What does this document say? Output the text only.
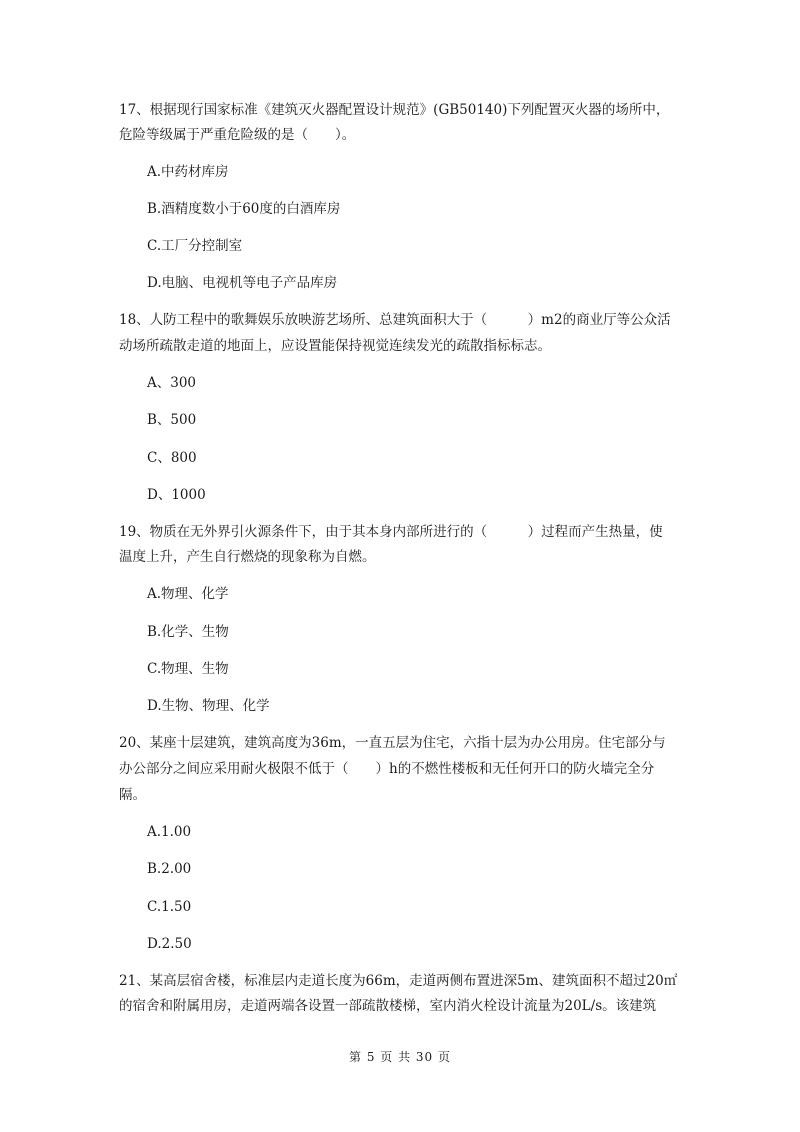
17、根据现行国家标准《建筑灭火器配置设计规范》(GB50140)下列配置灭火器的场所中，
危险等级属于严重危险级的是（　　）。
A.中药材库房
B.酒精度数小于60度的白酒库房
C.工厂分控制室
D.电脑、电视机等电子产品库房
18、人防工程中的歌舞娱乐放映游艺场所、总建筑面积大于（　　　）m2的商业厅等公众活
动场所疏散走道的地面上，应设置能保持视觉连续发光的疏散指标标志。
A、300
B、500
C、800
D、1000
19、物质在无外界引火源条件下，由于其本身内部所进行的（　　　）过程而产生热量，使
温度上升，产生自行燃烧的现象称为自燃。
A.物理、化学
B.化学、生物
C.物理、生物
D.生物、物理、化学
20、某座十层建筑，建筑高度为36m，一直五层为住宅，六指十层为办公用房。住宅部分与
办公部分之间应采用耐火极限不低于（　　）h的不燃性楼板和无任何开口的防火墙完全分
隔。
A.1.00
B.2.00
C.1.50
D.2.50
21、某高层宿舍楼，标准层内走道长度为66m，走道两侧布置进深5m、建筑面积不超过20㎡
的宿舍和附属用房，走道两端各设置一部疏散楼梯，室内消火栓设计流量为20L/s。该建筑
第 5 页 共 30 页
